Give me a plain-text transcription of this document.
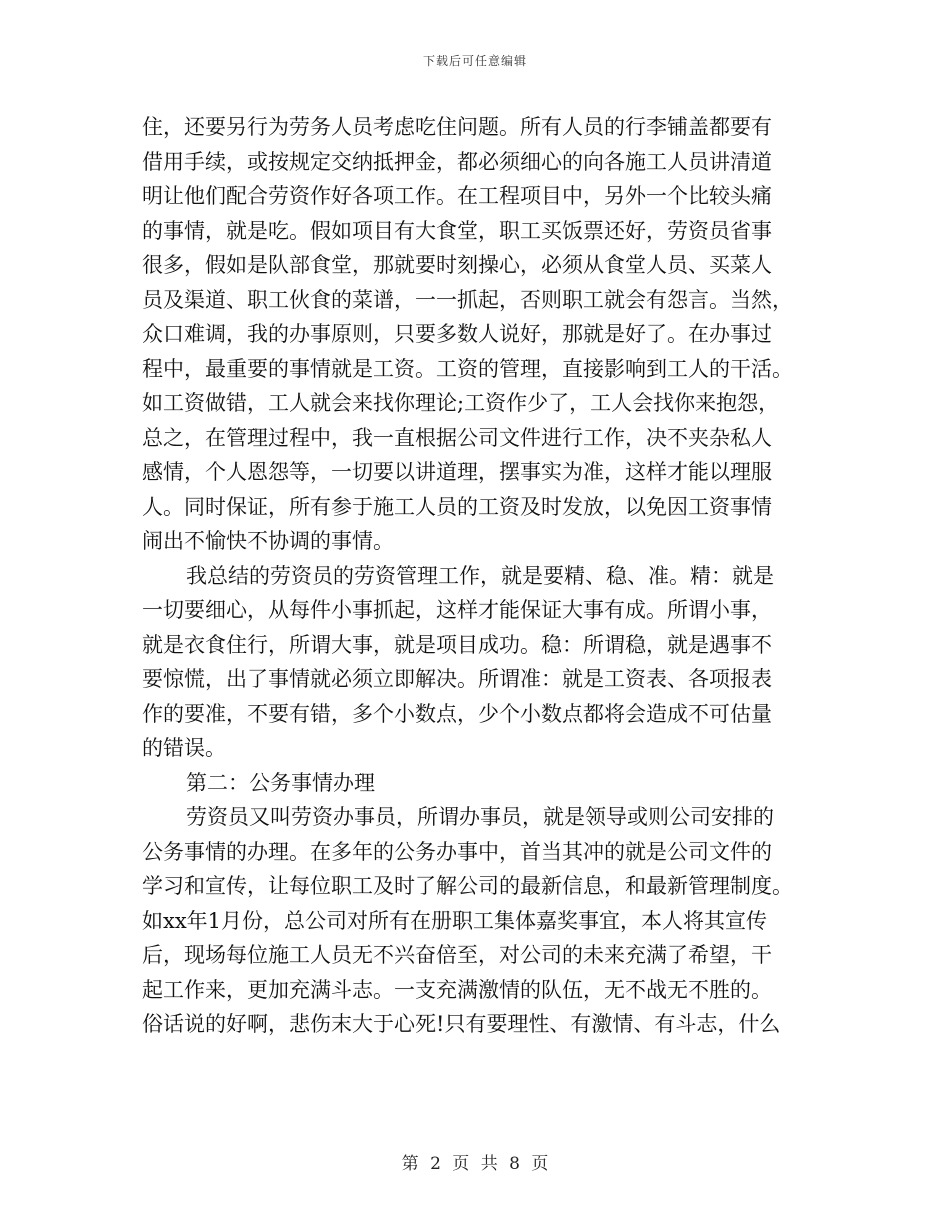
下载后可任意编辑
住，还要另行为劳务人员考虑吃住问题。所有人员的行李铺盖都要有
借用手续，或按规定交纳抵押金，都必须细心的向各施工人员讲清道
明让他们配合劳资作好各项工作。在工程项目中，另外一个比较头痛
的事情，就是吃。假如项目有大食堂，职工买饭票还好，劳资员省事
很多，假如是队部食堂，那就要时刻操心，必须从食堂人员、买菜人
员及渠道、职工伙食的菜谱，一一抓起，否则职工就会有怨言。当然，
众口难调，我的办事原则，只要多数人说好，那就是好了。在办事过
程中，最重要的事情就是工资。工资的管理，直接影响到工人的干活。
如工资做错，工人就会来找你理论;工资作少了，工人会找你来抱怨，
总之，在管理过程中，我一直根据公司文件进行工作，决不夹杂私人
感情，个人恩怨等，一切要以讲道理，摆事实为准，这样才能以理服
人。同时保证，所有参于施工人员的工资及时发放，以免因工资事情
闹出不愉快不协调的事情。
我总结的劳资员的劳资管理工作，就是要精、稳、准。精：就是
一切要细心，从每件小事抓起，这样才能保证大事有成。所谓小事，
就是衣食住行，所谓大事，就是项目成功。稳：所谓稳，就是遇事不
要惊慌，出了事情就必须立即解决。所谓准：就是工资表、各项报表
作的要准，不要有错，多个小数点，少个小数点都将会造成不可估量
的错误。
第二：公务事情办理
劳资员又叫劳资办事员，所谓办事员，就是领导或则公司安排的
公务事情的办理。在多年的公务办事中，首当其冲的就是公司文件的
学习和宣传，让每位职工及时了解公司的最新信息，和最新管理制度。
如xx年1月份，总公司对所有在册职工集体嘉奖事宜，本人将其宣传
后，现场每位施工人员无不兴奋倍至，对公司的未来充满了希望，干
起工作来，更加充满斗志。一支充满激情的队伍，无不战无不胜的。
俗话说的好啊，悲伤末大于心死!只有要理性、有激情、有斗志，什么
第 2 页 共 8 页
